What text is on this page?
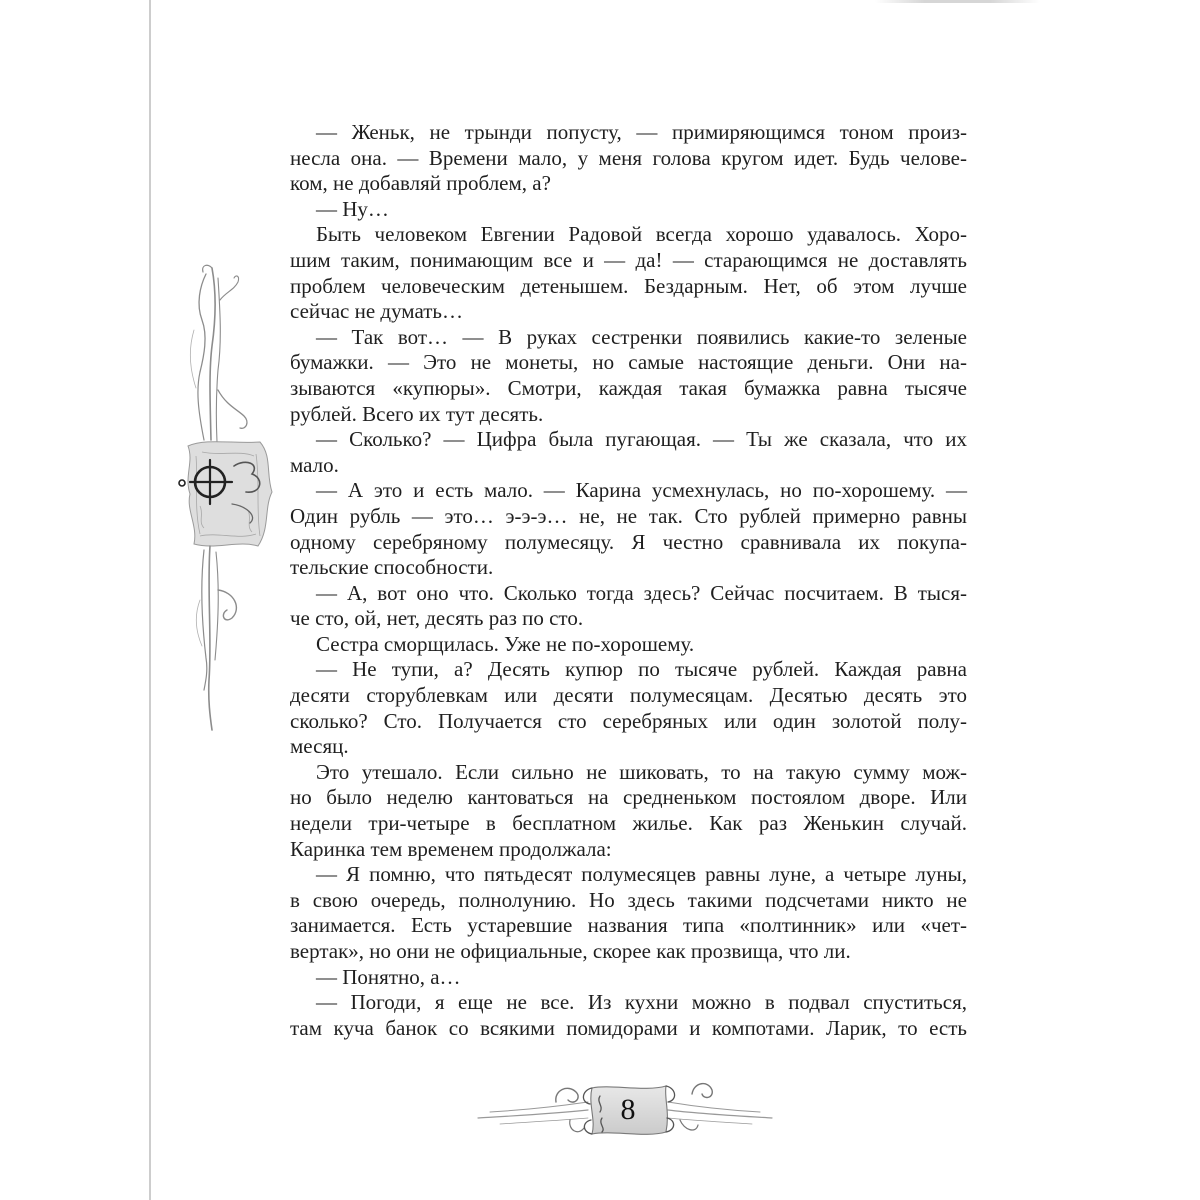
— Женьк, не трынди попусту, — примиряющимся тоном произ-
несла она. — Времени мало, у меня голова кругом идет. Будь челове-
ком, не добавляй проблем, а?
— Ну…
Быть человеком Евгении Радовой всегда хорошо удавалось. Хоро-
шим таким, понимающим все и — да! — старающимся не доставлять
проблем человеческим детенышем. Бездарным. Нет, об этом лучше
сейчас не думать…
— Так вот… — В руках сестренки появились какие-то зеленые
бумажки. — Это не монеты, но самые настоящие деньги. Они на-
зываются «купюры». Смотри, каждая такая бумажка равна тысяче
рублей. Всего их тут десять.
— Сколько? — Цифра была пугающая. — Ты же сказала, что их
мало.
— А это и есть мало. — Карина усмехнулась, но по-хорошему. —
Один рубль — это… э-э-э… не, не так. Сто рублей примерно равны
одному серебряному полумесяцу. Я честно сравнивала их покупа-
тельские способности.
— А, вот оно что. Сколько тогда здесь? Сейчас посчитаем. В тыся-
че сто, ой, нет, десять раз по сто.
Сестра сморщилась. Уже не по-хорошему.
— Не тупи, а? Десять купюр по тысяче рублей. Каждая равна
десяти сторублевкам или десяти полумесяцам. Десятью десять это
сколько? Сто. Получается сто серебряных или один золотой полу-
месяц.
Это утешало. Если сильно не шиковать, то на такую сумму мож-
но было неделю кантоваться на средненьком постоялом дворе. Или
недели три-четыре в бесплатном жилье. Как раз Женькин случай.
Каринка тем временем продолжала:
— Я помню, что пятьдесят полумесяцев равны луне, а четыре луны,
в свою очередь, полнолунию. Но здесь такими подсчетами никто не
занимается. Есть устаревшие названия типа «полтинник» или «чет-
вертак», но они не официальные, скорее как прозвища, что ли.
— Понятно, а…
— Погоди, я еще не все. Из кухни можно в подвал спуститься,
там куча банок со всякими помидорами и компотами. Ларик, то есть
8
